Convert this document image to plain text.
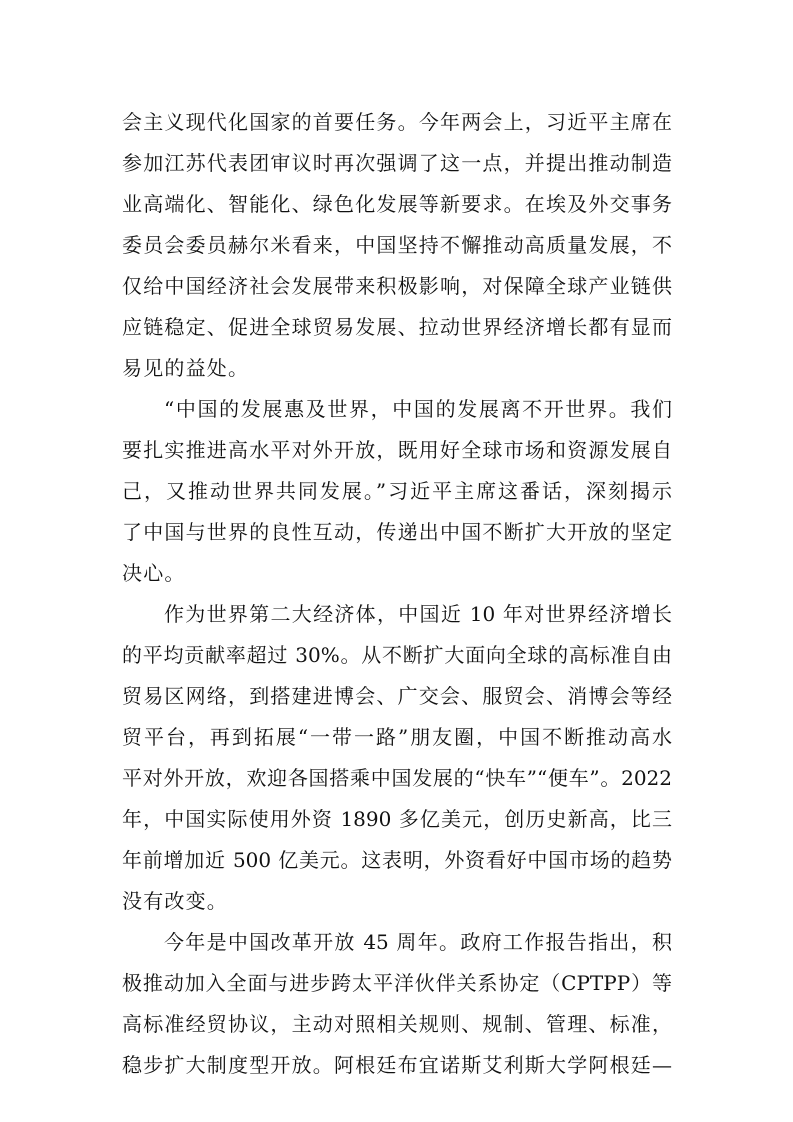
会主义现代化国家的首要任务。今年两会上，习近平主席在
参加江苏代表团审议时再次强调了这一点，并提出推动制造
业高端化、智能化、绿色化发展等新要求。在埃及外交事务
委员会委员赫尔米看来，中国坚持不懈推动高质量发展，不
仅给中国经济社会发展带来积极影响，对保障全球产业链供
应链稳定、促进全球贸易发展、拉动世界经济增长都有显而
易见的益处。
“中国的发展惠及世界，中国的发展离不开世界。我们
要扎实推进高水平对外开放，既用好全球市场和资源发展自
己，又推动世界共同发展。”习近平主席这番话，深刻揭示
了中国与世界的良性互动，传递出中国不断扩大开放的坚定
决心。
作为世界第二大经济体，中国近 10 年对世界经济增长
的平均贡献率超过 30%。从不断扩大面向全球的高标准自由
贸易区网络，到搭建进博会、广交会、服贸会、消博会等经
贸平台，再到拓展“一带一路”朋友圈，中国不断推动高水
平对外开放，欢迎各国搭乘中国发展的“快车”“便车”。2022
年，中国实际使用外资 1890 多亿美元，创历史新高，比三
年前增加近 500 亿美元。这表明，外资看好中国市场的趋势
没有改变。
今年是中国改革开放 45 周年。政府工作报告指出，积
极推动加入全面与进步跨太平洋伙伴关系协定（CPTPP）等
高标准经贸协议，主动对照相关规则、规制、管理、标准，
稳步扩大制度型开放。阿根廷布宜诺斯艾利斯大学阿根廷—
